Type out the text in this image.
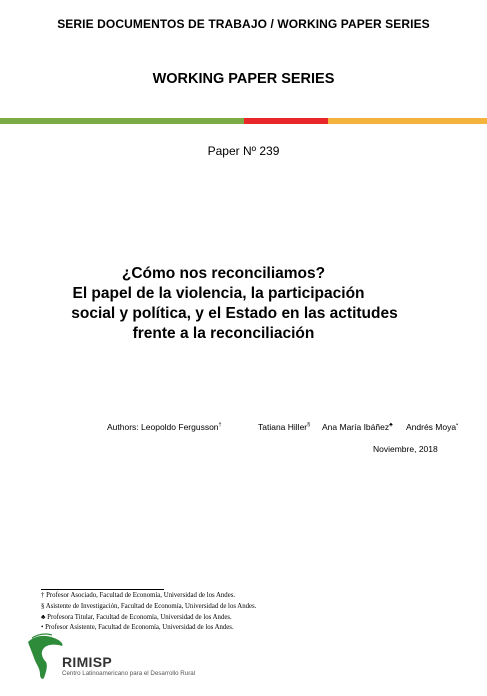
SERIE DOCUMENTOS DE TRABAJO / WORKING PAPER SERIES
WORKING PAPER SERIES
Paper Nº 239
¿Cómo nos reconciliamos?
El papel de la violencia, la participación
social y política, y el Estado en las actitudes
frente a la reconciliación
Authors: Leopoldo Fergusson†	Tatiana Hiller§ Ana María Ibáñez♣ Andrés Moya•
Noviembre, 2018
† Profesor Asociado, Facultad de Economía, Universidad de los Andes.
§ Asistente de Investigación, Facultad de Economía, Universidad de los Andes.
♣ Profesora Titular, Facultad de Economía, Universidad de los Andes.
• Profesor Asistente, Facultad de Economía, Universidad de los Andes.
RIMISP
Centro Latinoamericano para el Desarrollo Rural
